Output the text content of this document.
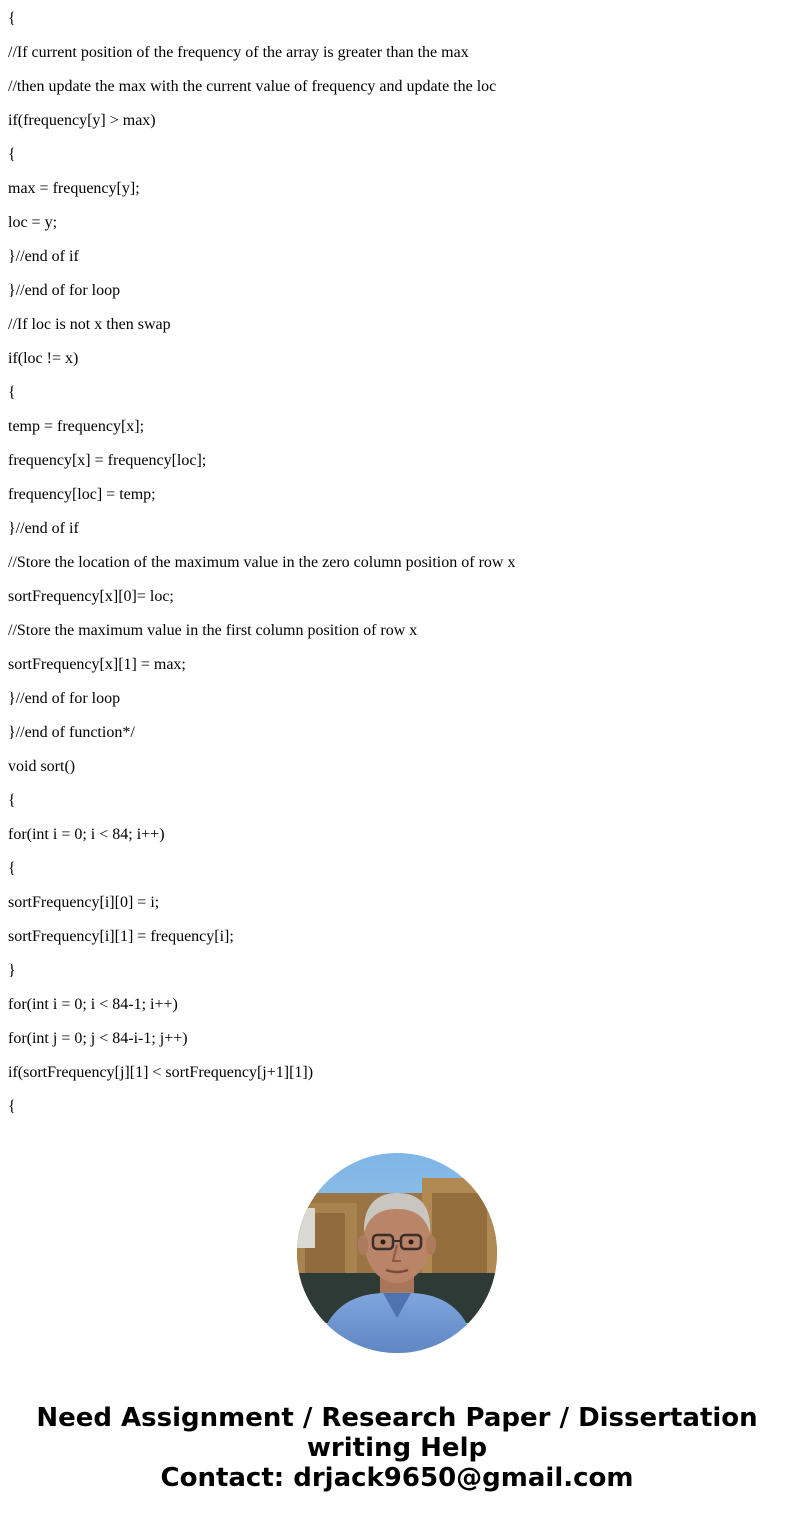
{
//If current position of the frequency of the array is greater than the max
//then update the max with the current value of frequency and update the loc
if(frequency[y] > max)
{
max = frequency[y];
loc = y;
}//end of if
}//end of for loop
//If loc is not x then swap
if(loc != x)
{
temp = frequency[x];
frequency[x] = frequency[loc];
frequency[loc] = temp;
}//end of if
//Store the location of the maximum value in the zero column position of row x
sortFrequency[x][0]= loc;
//Store the maximum value in the first column position of row x
sortFrequency[x][1] = max;
}//end of for loop
}//end of function*/
void sort()
{
for(int i = 0; i < 84; i++)
{
sortFrequency[i][0] = i;
sortFrequency[i][1] = frequency[i];
}
for(int i = 0; i < 84-1; i++)
for(int j = 0; j < 84-i-1; j++)
if(sortFrequency[j][1] < sortFrequency[j+1][1])
{
Need Assignment / Research Paper / Dissertation
writing Help
Contact: drjack9650@gmail.com
